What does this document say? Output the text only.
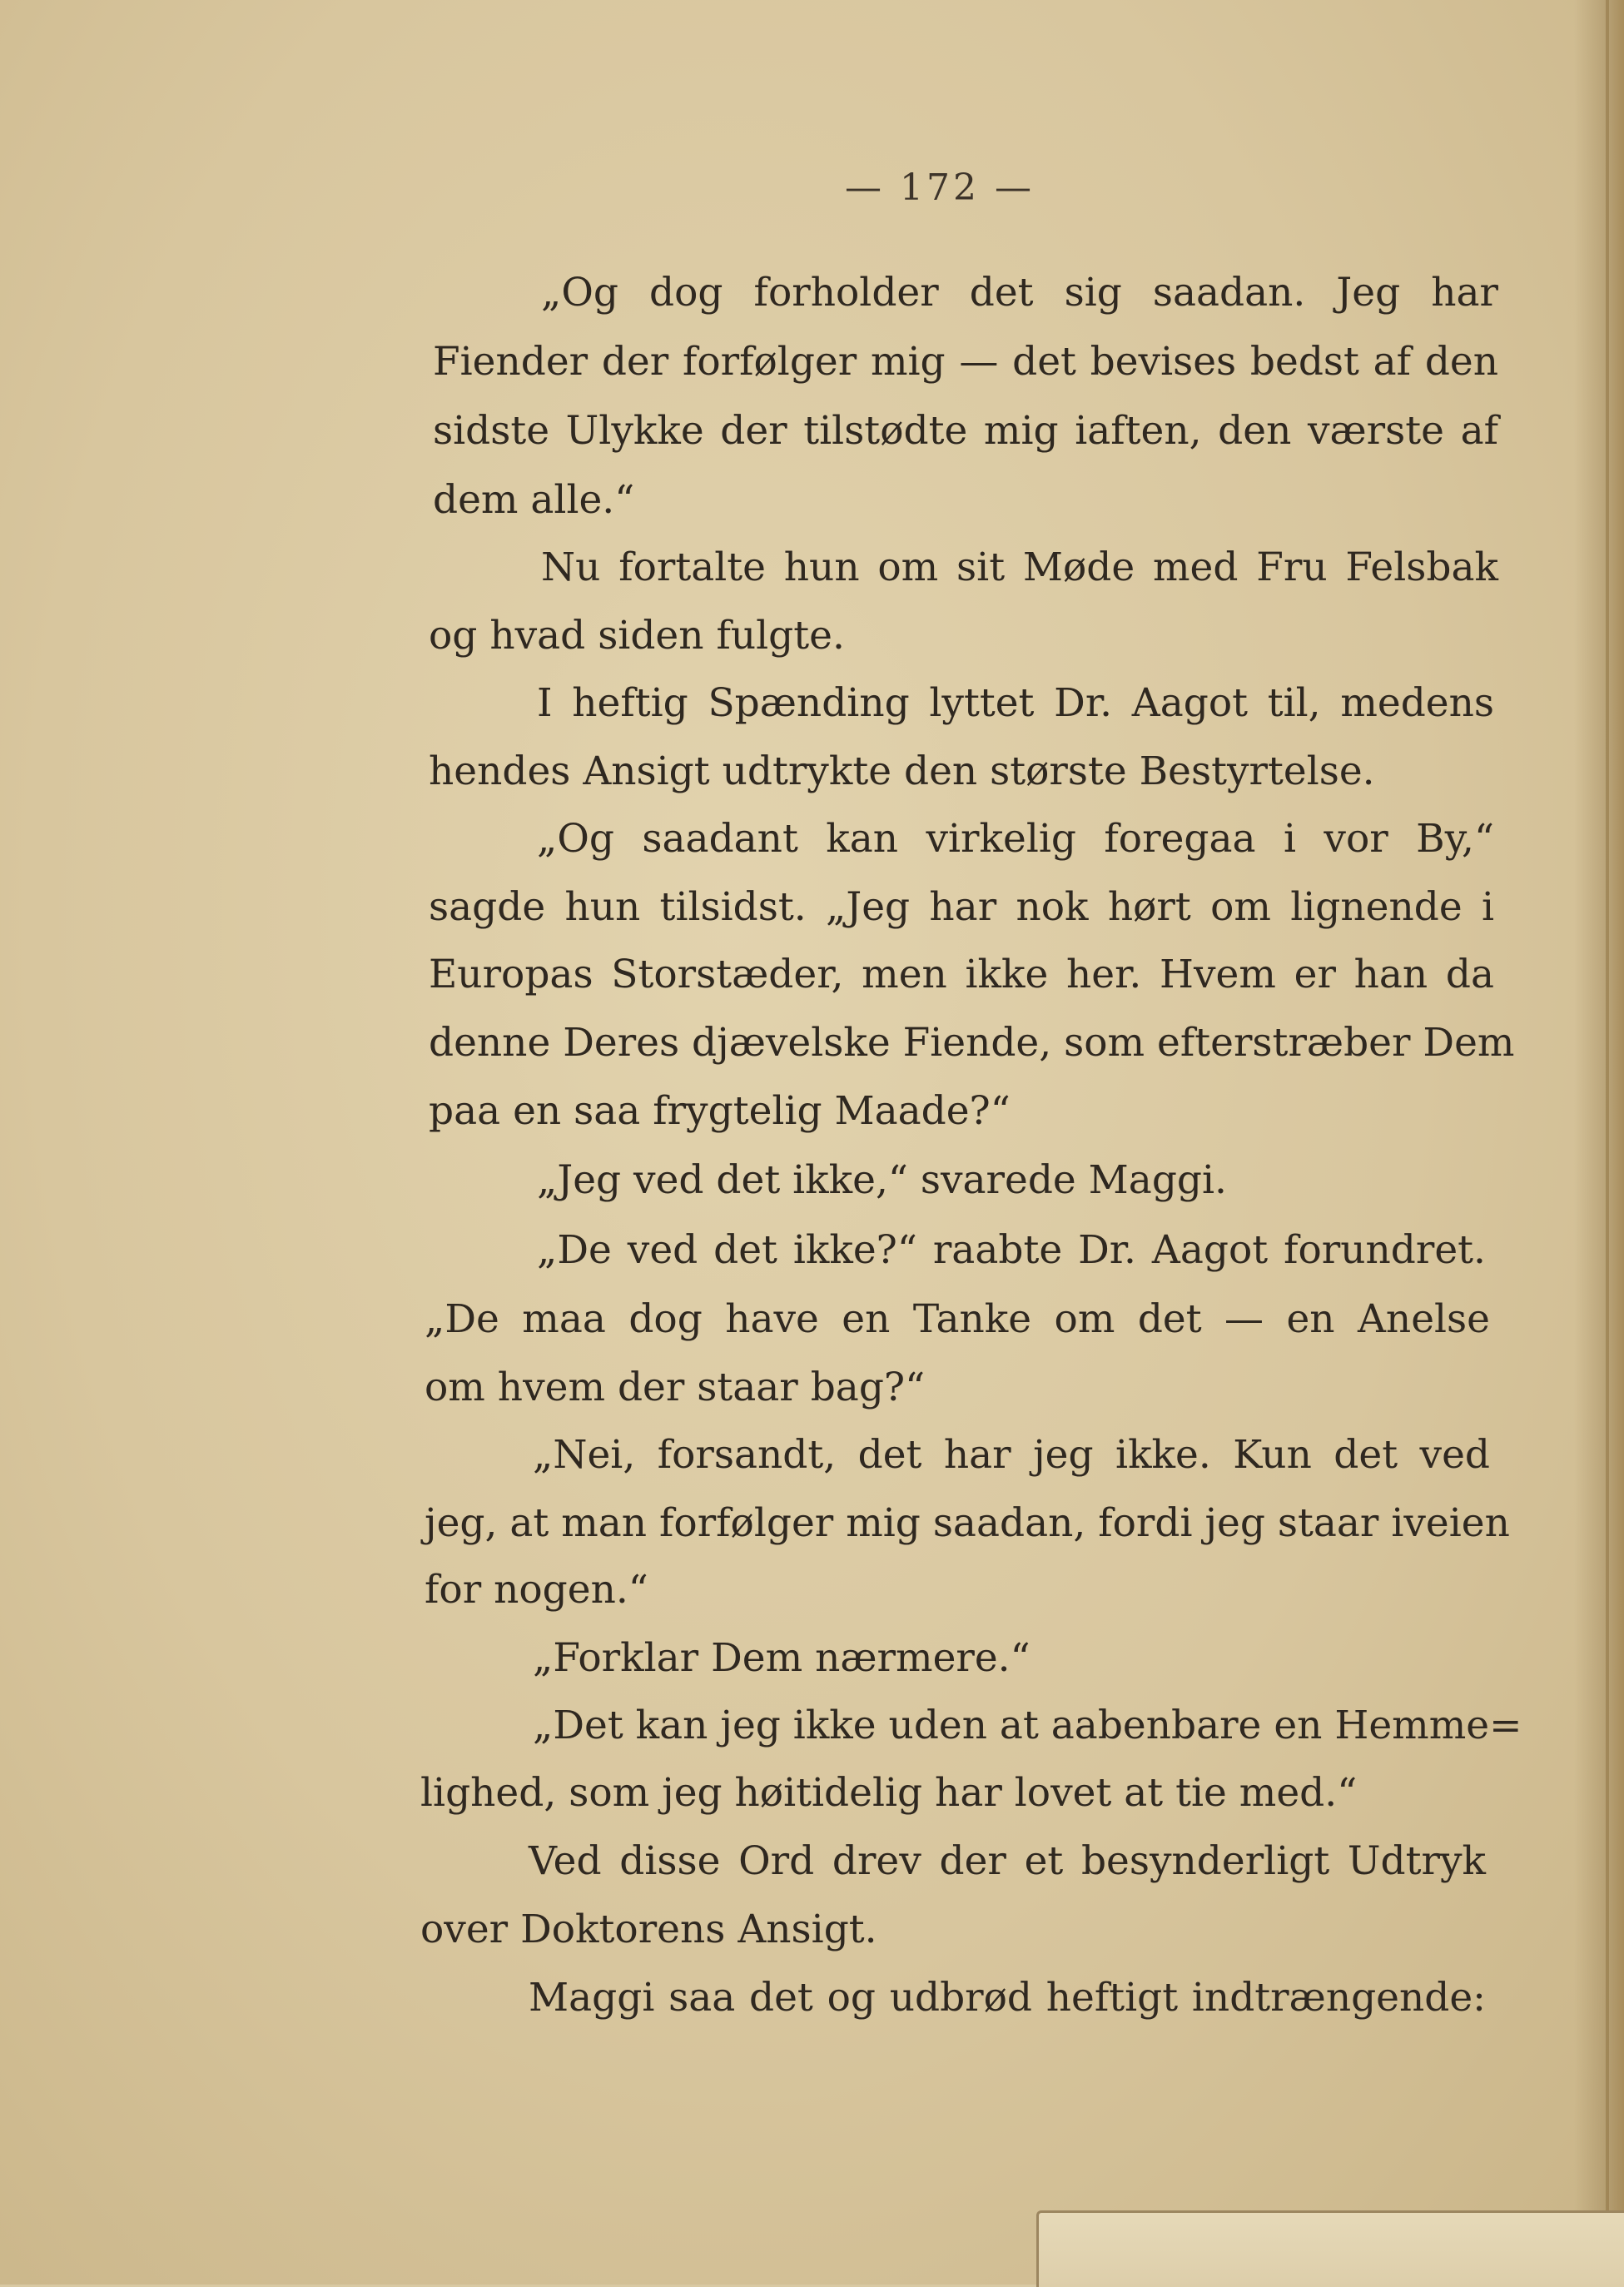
— 172 —
„Og dog forholder det sig saadan. Jeg har
Fiender der forfølger mig — det bevises bedst af den
sidste Ulykke der tilstødte mig iaften, den værste af
dem alle.“
Nu fortalte hun om sit Møde med Fru Felsbak
og hvad siden fulgte.
I heftig Spænding lyttet Dr. Aagot til, medens
hendes Ansigt udtrykte den største Bestyrtelse.
„Og saadant kan virkelig foregaa i vor By,“
sagde hun tilsidst. „Jeg har nok hørt om lignende i
Europas Storstæder, men ikke her. Hvem er han da
denne Deres djævelske Fiende, som efterstræber Dem
paa en saa frygtelig Maade?“
„Jeg ved det ikke,“ svarede Maggi.
„De ved det ikke?“ raabte Dr. Aagot forundret.
„De maa dog have en Tanke om det — en Anelse
om hvem der staar bag?“
„Nei, forsandt, det har jeg ikke. Kun det ved
jeg, at man forfølger mig saadan, fordi jeg staar iveien
for nogen.“
„Forklar Dem nærmere.“
„Det kan jeg ikke uden at aabenbare en Hemme=
lighed, som jeg høitidelig har lovet at tie med.“
Ved disse Ord drev der et besynderligt Udtryk
over Doktorens Ansigt.
Maggi saa det og udbrød heftigt indtrængende:
